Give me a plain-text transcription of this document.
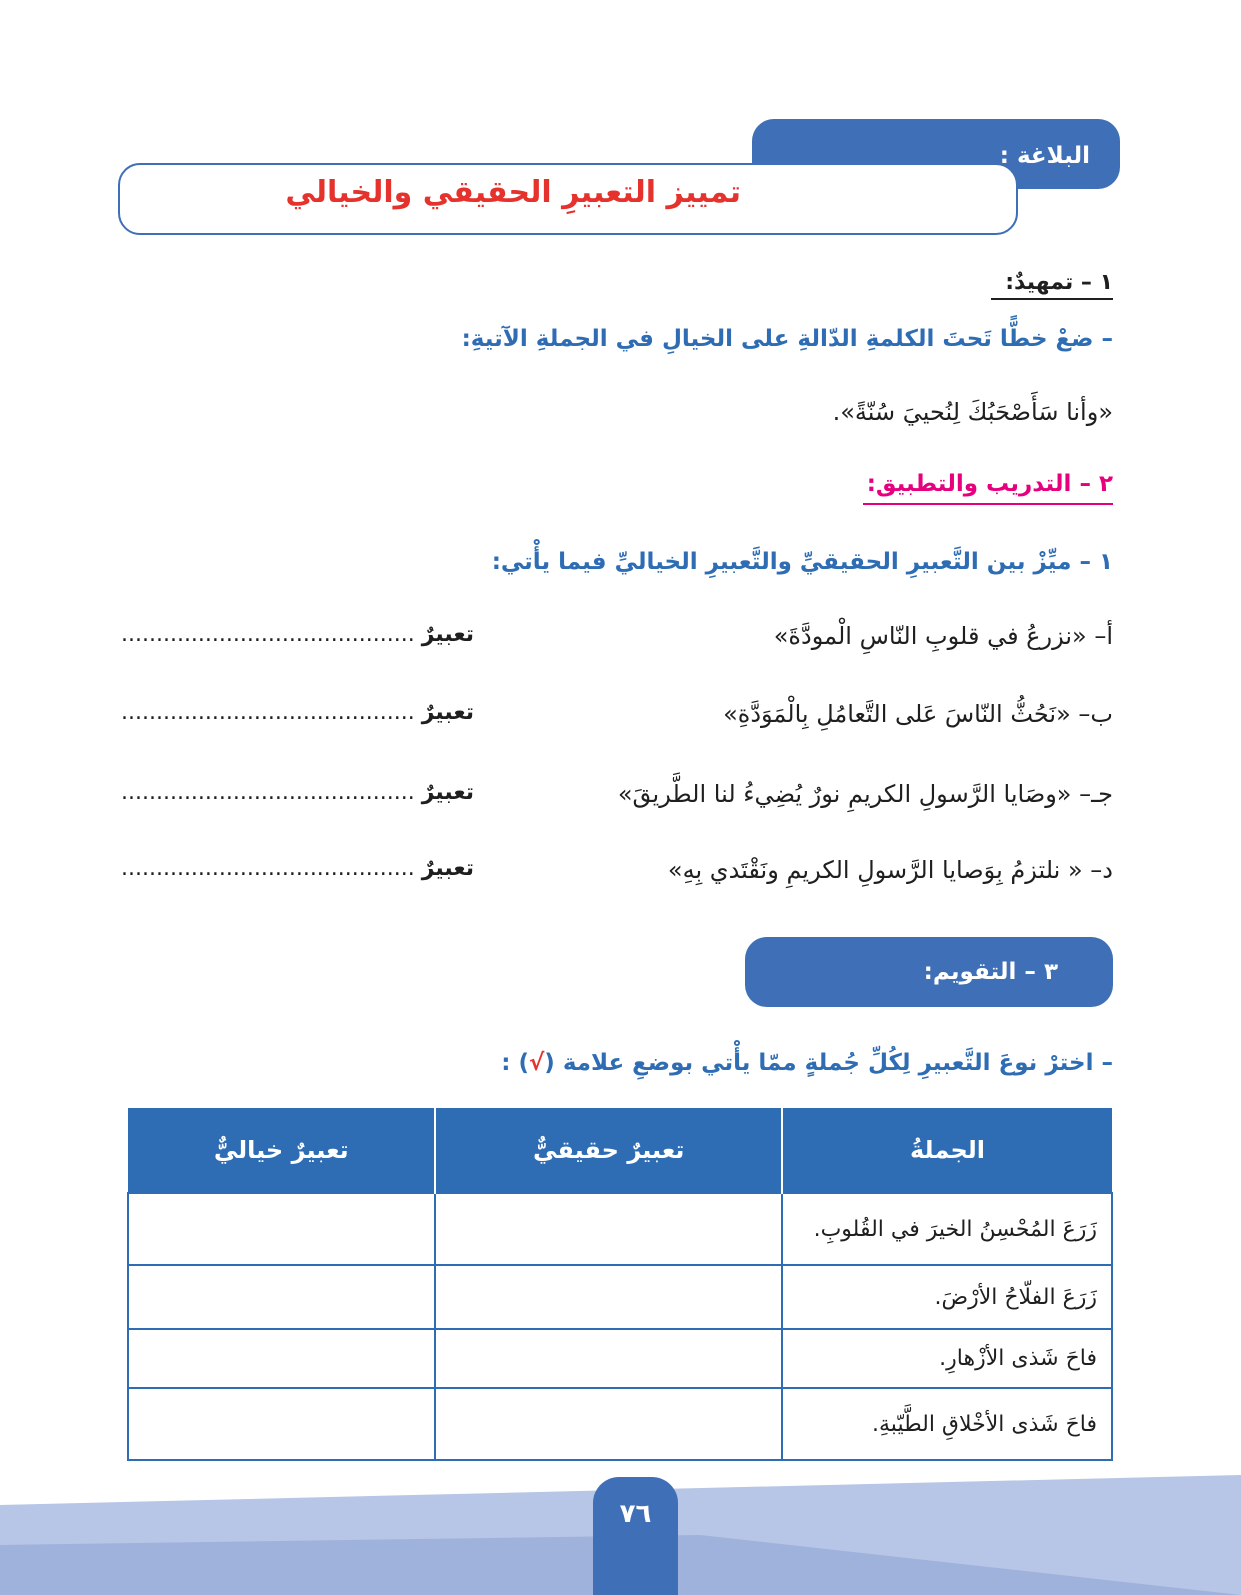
البلاغة :
تمييز التعبيرِ الحقيقي والخيالي
١ – تمهيدٌ:
– ضعْ خطًّا تَحتَ الكلمةِ الدّالةِ على الخيالِ في الجملةِ الآتيةِ:
«وأنا سَأَصْحَبُكَ لِنُحييَ سُنّةً».
٢ – التدريب والتطبيق:
١ – ميِّزْ بين التَّعبيرِ الحقيقيِّ والتَّعبيرِ الخياليِّ فيما يأْتي:
أ– «نزرعُ في قلوبِ النّاسِ الْمودَّةَ»
تعبيرٌ ..........................................
ب– «نَحُثُّ النّاسَ عَلى التَّعامُلِ بِالْمَوَدَّةِ»
تعبيرٌ ..........................................
جـ– «وصَايا الرَّسولِ الكريمِ نورٌ يُضِيءُ لنا الطَّريقَ»
تعبيرٌ ..........................................
د– « نلتزمُ بِوَصايا الرَّسولِ الكريمِ ونَقْتَدي بِهِ»
تعبيرٌ ..........................................
٣ – التقويم:
– اخترْ نوعَ التَّعبيرِ لِكُلِّ جُملةٍ ممّا يأْتي بوضعِ علامة (√) :
الجملةُ	تعبيرٌ حقيقيٌّ	تعبيرٌ خياليٌّ
زَرَعَ المُحْسِنُ الخيرَ في القُلوبِ.		
زَرَعَ الفلّاحُ الأرْضَ.		
فاحَ شَذى الأزْهارِ.		
فاحَ شَذى الأخْلاقِ الطَّيّبةِ.		
٧٦
